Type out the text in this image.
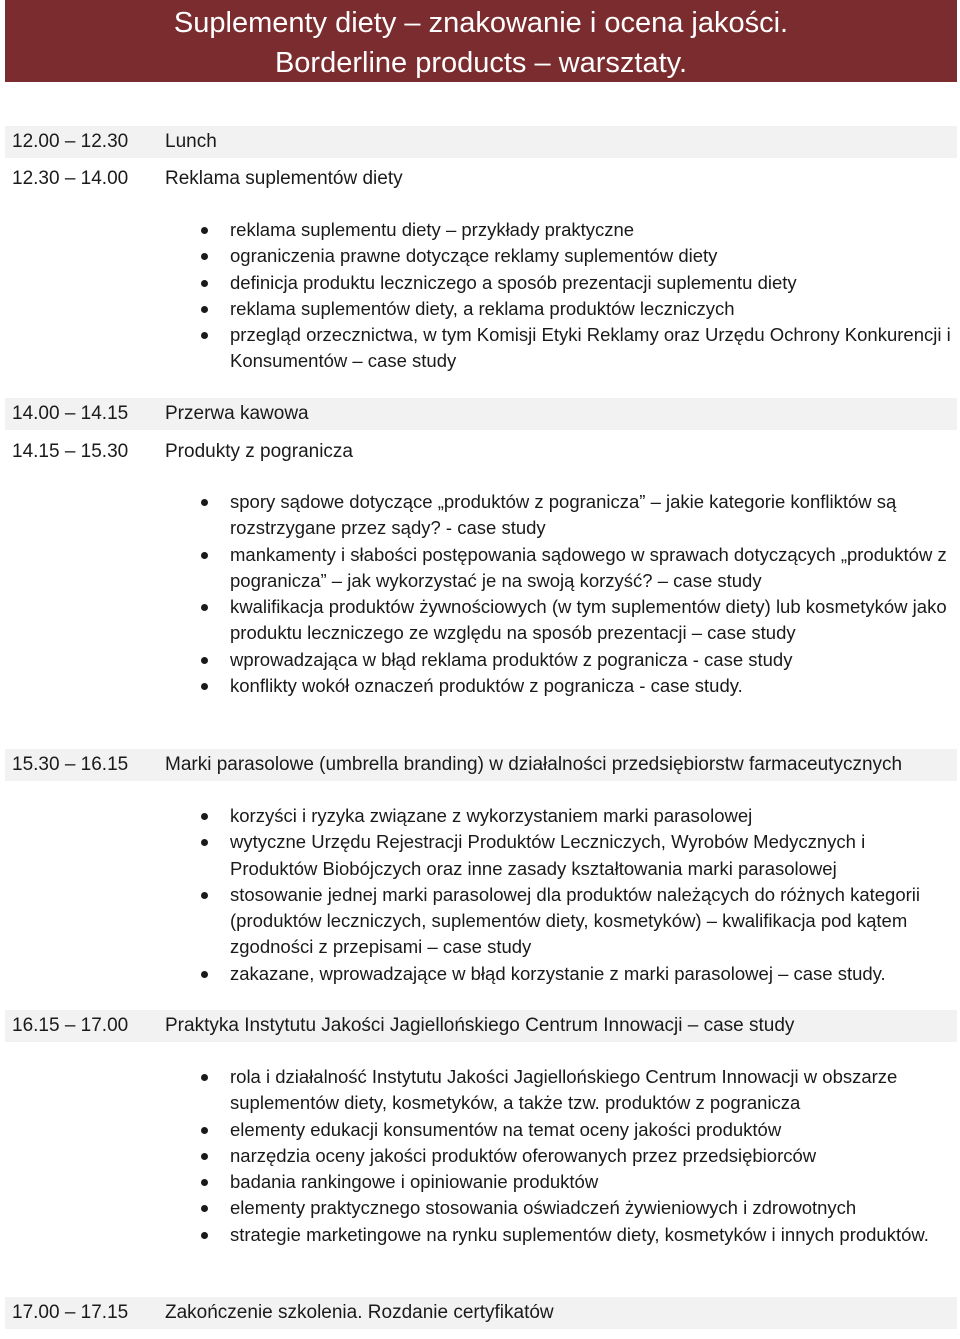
Suplementy diety – znakowanie i ocena jakości.
Borderline products – warsztaty.
12.00 – 12.30 Lunch
12.30 – 14.00 Reklama suplementów diety
reklama suplementu diety – przykłady praktyczne
ograniczenia prawne dotyczące reklamy suplementów diety
definicja produktu leczniczego a sposób prezentacji suplementu diety
reklama suplementów diety, a reklama produktów leczniczych
przegląd orzecznictwa, w tym Komisji Etyki Reklamy oraz Urzędu Ochrony Konkurencji i Konsumentów – case study
14.00 – 14.15 Przerwa kawowa
14.15 – 15.30 Produkty z pogranicza
spory sądowe dotyczące „produktów z pogranicza” – jakie kategorie konfliktów są rozstrzygane przez sądy? - case study
mankamenty i słabości postępowania sądowego w sprawach dotyczących „produktów z pogranicza” – jak wykorzystać je na swoją korzyść? – case study
kwalifikacja produktów żywnościowych (w tym suplementów diety) lub kosmetyków jako produktu leczniczego ze względu na sposób prezentacji – case study
wprowadzająca w błąd reklama produktów z pogranicza - case study
konflikty wokół oznaczeń produktów z pogranicza - case study.
15.30 – 16.15 Marki parasolowe (umbrella branding) w działalności przedsiębiorstw farmaceutycznych
korzyści i ryzyka związane z wykorzystaniem marki parasolowej
wytyczne Urzędu Rejestracji Produktów Leczniczych, Wyrobów Medycznych i Produktów Biobójczych oraz inne zasady kształtowania marki parasolowej
stosowanie jednej marki parasolowej dla produktów należących do różnych kategorii (produktów leczniczych, suplementów diety, kosmetyków) – kwalifikacja pod kątem zgodności z przepisami – case study
zakazane, wprowadzające w błąd korzystanie z marki parasolowej – case study.
16.15 – 17.00 Praktyka Instytutu Jakości Jagiellońskiego Centrum Innowacji – case study
rola i działalność Instytutu Jakości Jagiellońskiego Centrum Innowacji w obszarze suplementów diety, kosmetyków, a także tzw. produktów z pogranicza
elementy edukacji konsumentów na temat oceny jakości produktów
narzędzia oceny jakości produktów oferowanych przez przedsiębiorców
badania rankingowe i opiniowanie produktów
elementy praktycznego stosowania oświadczeń żywieniowych i zdrowotnych
strategie marketingowe na rynku suplementów diety, kosmetyków i innych produktów.
17.00 – 17.15 Zakończenie szkolenia. Rozdanie certyfikatów
